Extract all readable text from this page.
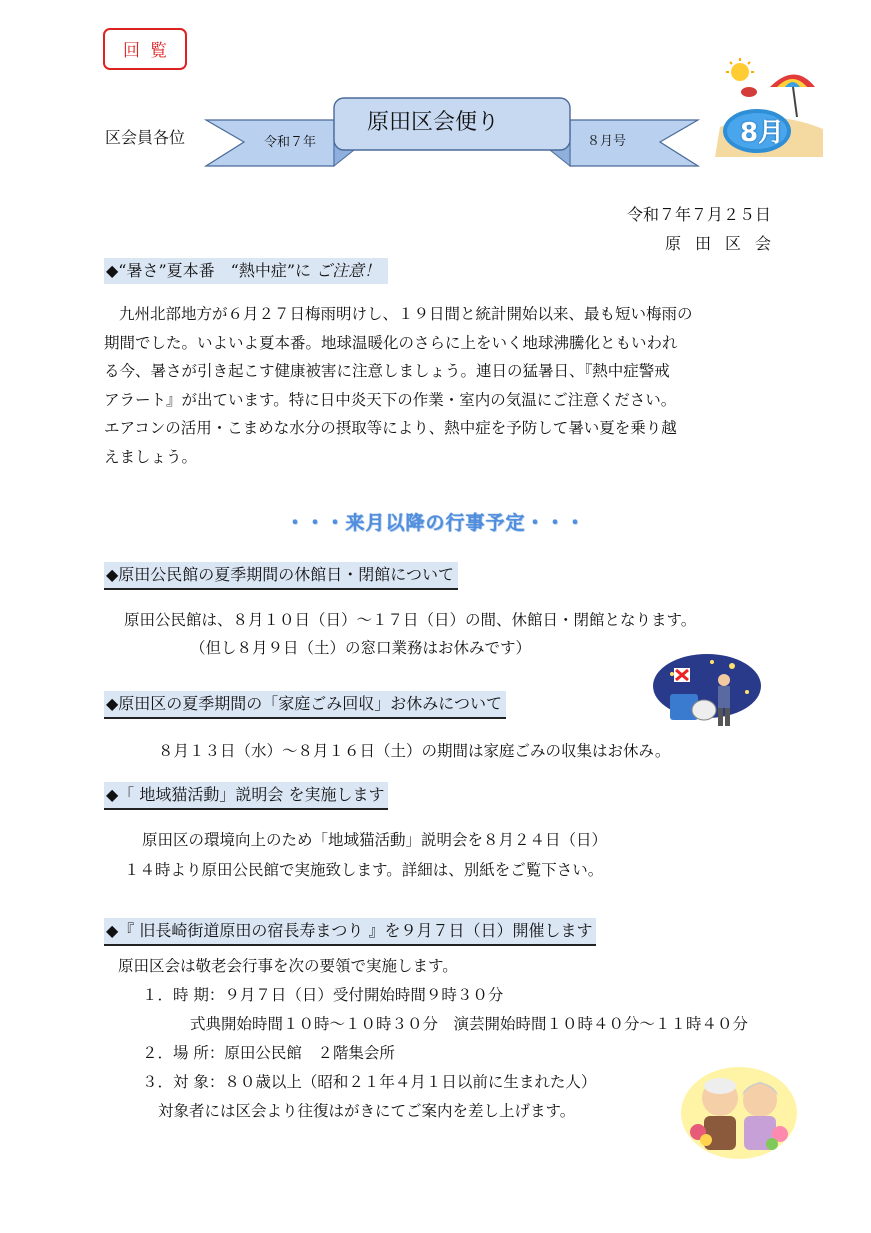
回覧
区会員各位	令和７年
原田区会便り
８月号	8月
令和７年７月２５日
原田区会
◆“暑さ”夏本番　“熱中症”に ご注意！
九州北部地方が６月２７日梅雨明けし、１９日間と統計開始以来、最も短い梅雨の
期間でした。いよいよ夏本番。地球温暖化のさらに上をいく地球沸騰化ともいわれ
る今、暑さが引き起こす健康被害に注意しましょう。連日の猛暑日、『熱中症警戒
アラート』が出ています。特に日中炎天下の作業・室内の気温にご注意ください。
エアコンの活用・こまめな水分の摂取等により、熱中症を予防して暑い夏を乗り越
えましょう。
・・・来月以降の行事予定・・・
◆原田公民館の夏季期間の休館日・閉館について
原田公民館は、８月１０日（日）～１７日（日）の間、休館日・閉館となります。
（但し８月９日（土）の窓口業務はお休みです）
◆原田区の夏季期間の「家庭ごみ回収」お休みについて
８月１３日（水）～８月１６日（土）の期間は家庭ごみの収集はお休み。
◆「 地域猫活動」説明会 を実施します
原田区の環境向上のため「地域猫活動」説明会を８月２４日（日）
１４時より原田公民館で実施致します。詳細は、別紙をご覧下さい。
◆『 旧長崎街道原田の宿長寿まつり 』を９月７日（日）開催します
原田区会は敬老会行事を次の要領で実施します。
１．時 期：９月７日（日）受付開始時間９時３０分
式典開始時間１０時～１０時３０分　演芸開始時間１０時４０分～１１時４０分
２．場 所：原田公民館　２階集会所
３．対 象：８０歳以上（昭和２１年４月１日以前に生まれた人）
対象者には区会より往復はがきにてご案内を差し上げます。
